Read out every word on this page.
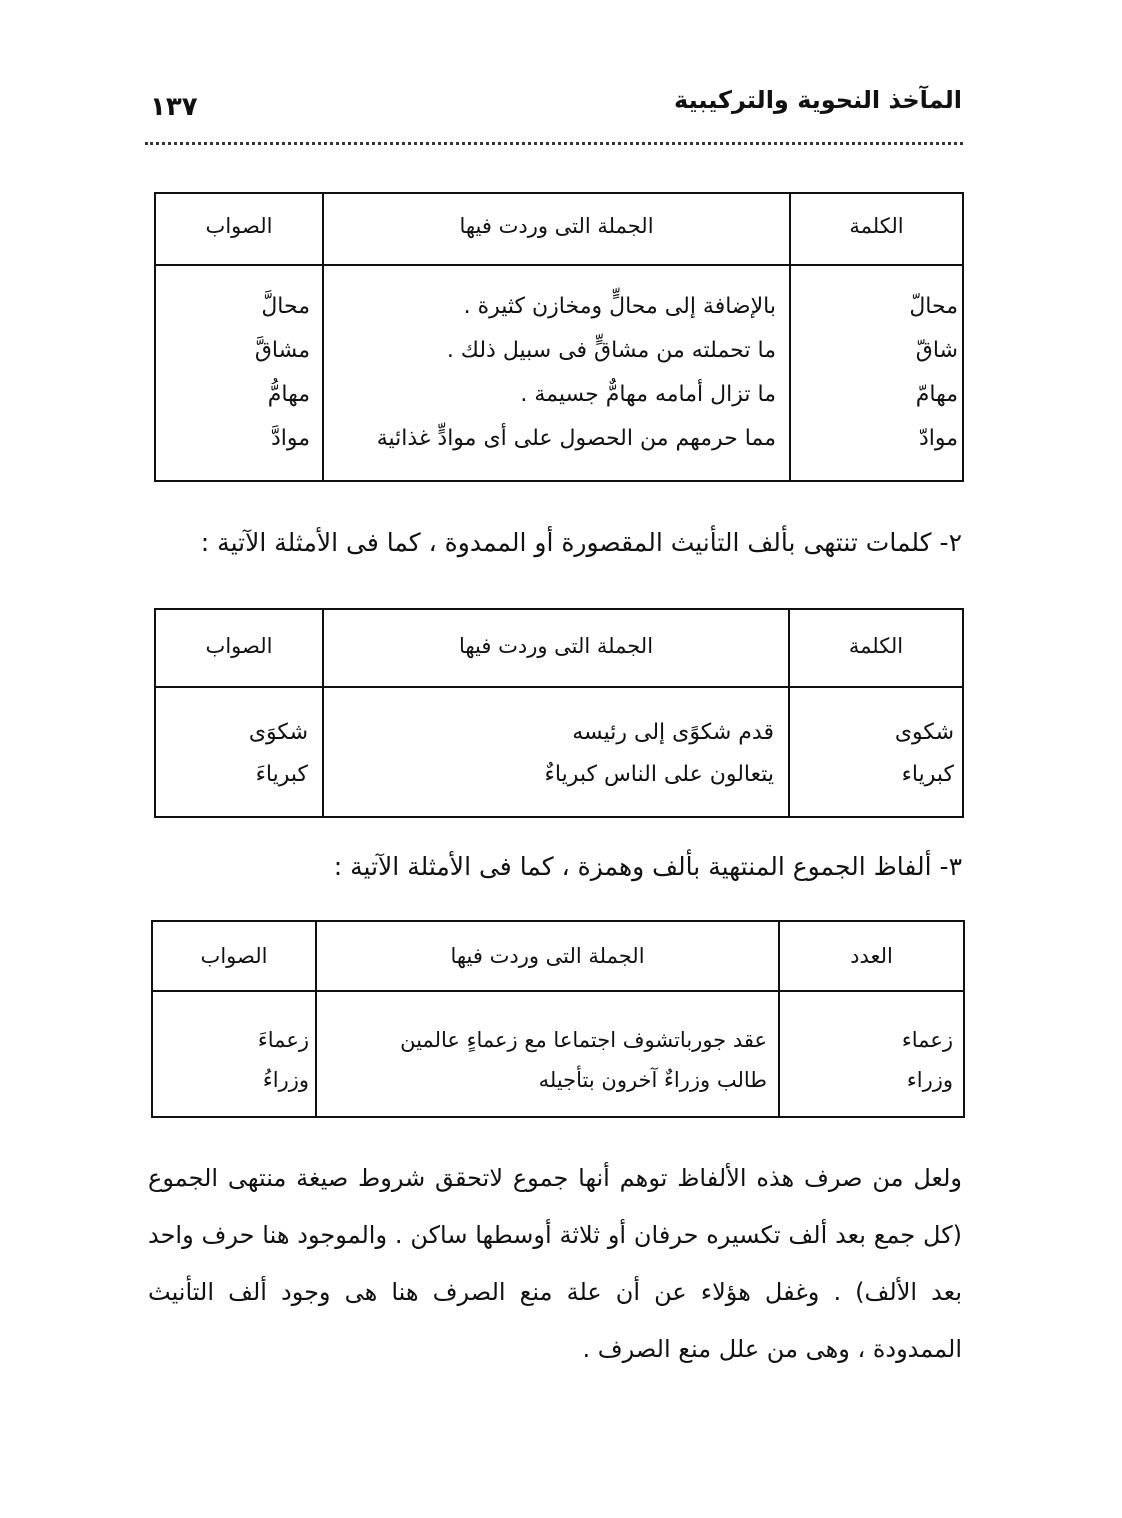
المآخذ النحوية والتركيبية
١٣٧
الكلمة
الجملة التى وردت فيها
الصواب
محالّ
بالإضافة إلى محالٍّ ومخازن كثيرة .
محالَّ
شاقّ
ما تحملته من مشاقٍّ فى سبيل ذلك .
مشاقَّ
مهامّ
ما تزال أمامه مهامٌّ جسيمة .
مهامُّ
موادّ
مما حرمهم من الحصول على أى موادٍّ غذائية
موادَّ
٢- كلمات تنتهى بألف التأنيث المقصورة أو الممدوة ، كما فى الأمثلة الآتية :
الكلمة
الجملة التى وردت فيها
الصواب
شكوى
قدم شكوًى إلى رئيسه
شكوَى
كبرياء
يتعالون على الناس كبرياءٌ
كبرياءَ
٣- ألفاظ الجموع المنتهية بألف وهمزة ، كما فى الأمثلة الآتية :
العدد
الجملة التى وردت فيها
الصواب
زعماء
عقد جورباتشوف اجتماعا مع زعماءٍ عالمين
زعماءَ
وزراء
طالب وزراءٌ آخرون بتأجيله
وزراءُ
ولعل من صرف هذه الألفاظ توهم أنها جموع لاتحقق شروط صيغة منتهى الجموع (كل جمع بعد ألف تكسيره حرفان أو ثلاثة أوسطها ساكن . والموجود هنا حرف واحد بعد الألف) . وغفل هؤلاء عن أن علة منع الصرف هنا هى وجود ألف التأنيث الممدودة ، وهى من علل منع الصرف .
